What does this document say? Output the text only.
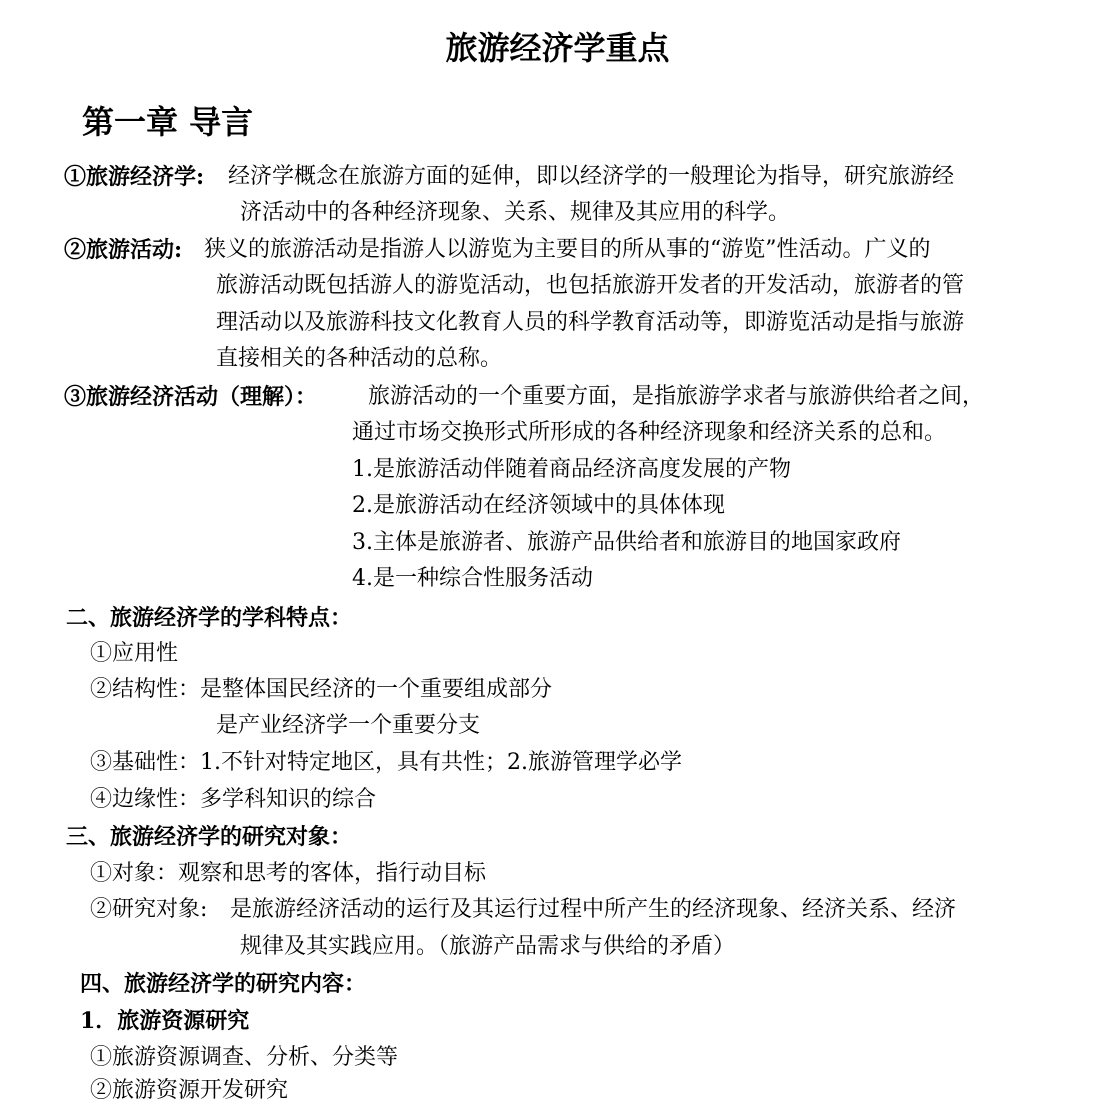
旅游经济学重点
第一章 导言
①旅游经济学: 经济学概念在旅游方面的延伸，即以经济学的一般理论为指导，研究旅游经
济活动中的各种经济现象、关系、规律及其应用的科学。
②旅游活动: 狭义的旅游活动是指游人以游览为主要目的所从事的“游览”性活动。广义的
旅游活动既包括游人的游览活动，也包括旅游开发者的开发活动，旅游者的管
理活动以及旅游科技文化教育人员的科学教育活动等，即游览活动是指与旅游
直接相关的各种活动的总称。
③旅游经济活动（理解）： 旅游活动的一个重要方面，是指旅游学求者与旅游供给者之间，
通过市场交换形式所形成的各种经济现象和经济关系的总和。
1.是旅游活动伴随着商品经济高度发展的产物
2.是旅游活动在经济领域中的具体体现
3.主体是旅游者、旅游产品供给者和旅游目的地国家政府
4.是一种综合性服务活动
二、旅游经济学的学科特点：
①应用性
②结构性：是整体国民经济的一个重要组成部分
是产业经济学一个重要分支
③基础性：1.不针对特定地区，具有共性；2.旅游管理学必学
④边缘性：多学科知识的综合
三、旅游经济学的研究对象：
①对象：观察和思考的客体，指行动目标
②研究对象: 是旅游经济活动的运行及其运行过程中所产生的经济现象、经济关系、经济
规律及其实践应用。（旅游产品需求与供给的矛盾）
四、旅游经济学的研究内容：
1．旅游资源研究
①旅游资源调查、分析、分类等
②旅游资源开发研究
